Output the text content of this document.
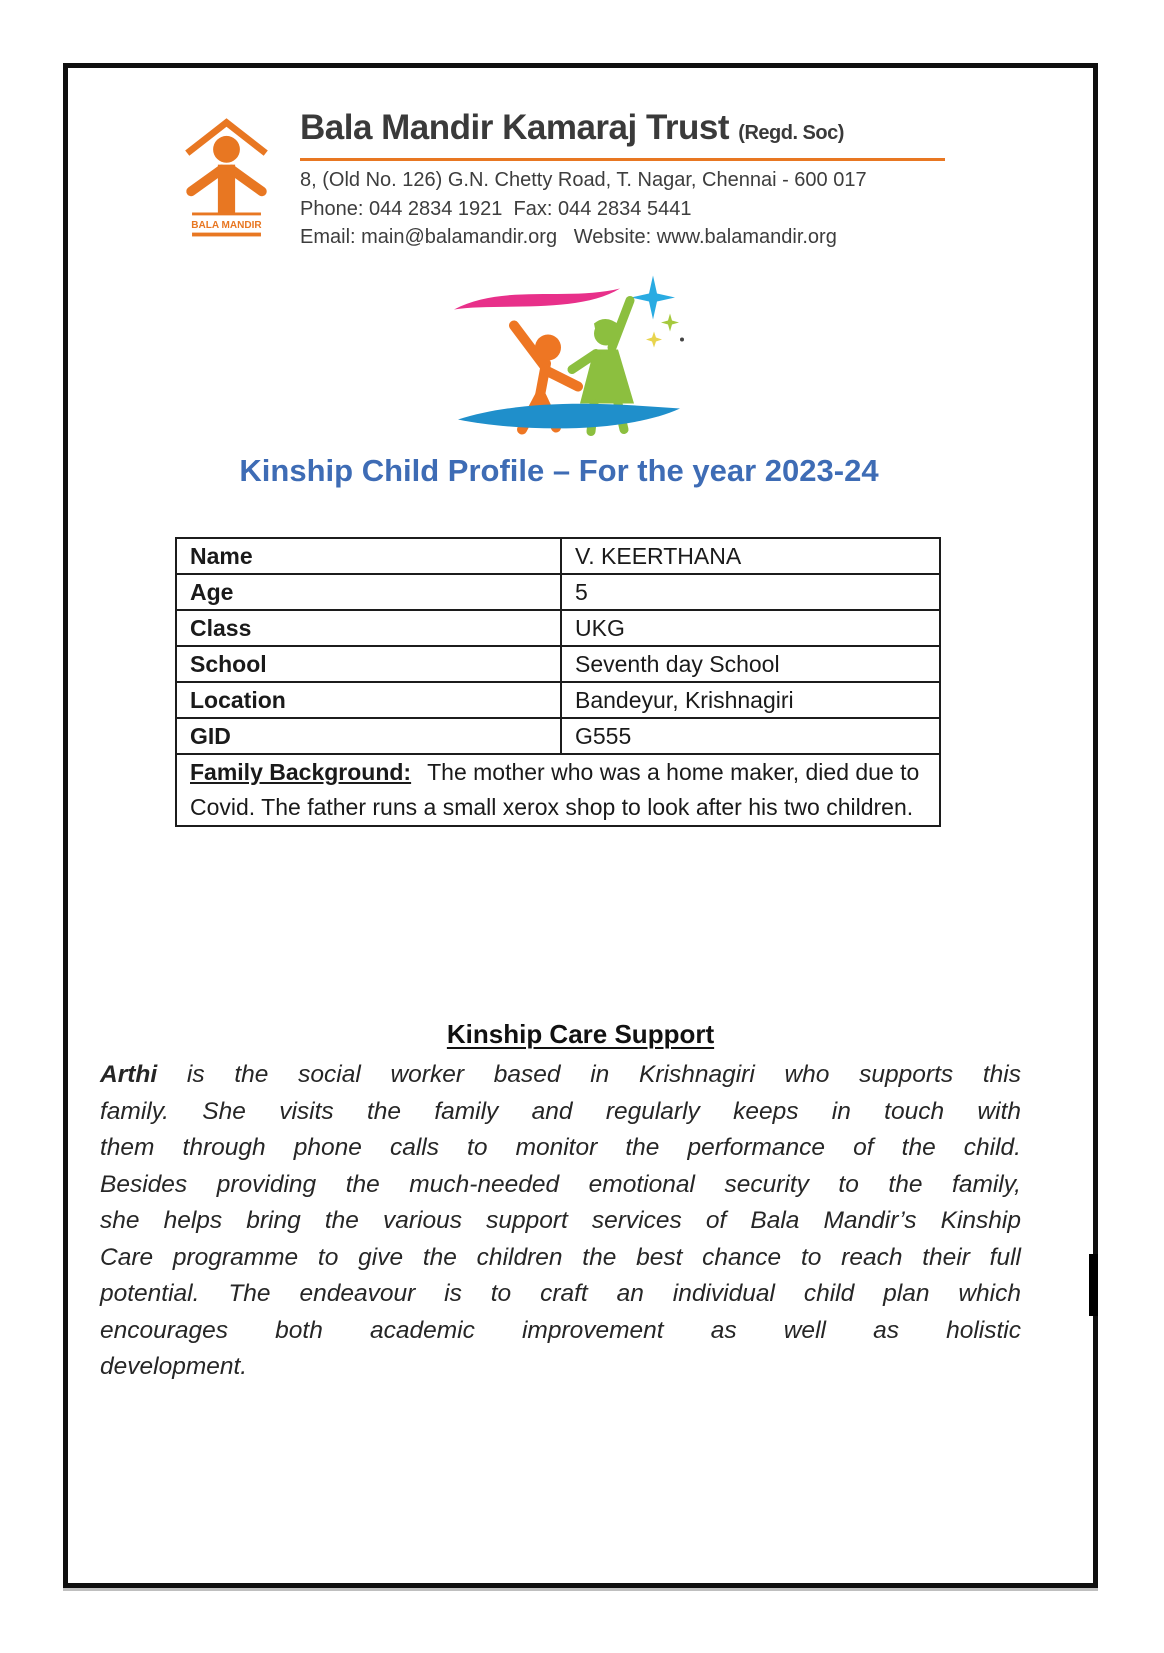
BALA MANDIR
Bala Mandir Kamaraj Trust (Regd. Soc)
8, (Old No. 126) G.N. Chetty Road, T. Nagar, Chennai - 600 017
Phone: 044 2834 1921  Fax: 044 2834 5441
Email: main@balamandir.org   Website: www.balamandir.org
Kinship Child Profile – For the year 2023-24
Name	V. KEERTHANA
Age	5
Class	UKG
School	Seventh day School
Location	Bandeyur, Krishnagiri
GID	G555
Family Background: The mother who was a home maker, died due to Covid. The father runs a small xerox shop to look after his two children.	
Kinship Care Support
Arthi is the social worker based in Krishnagiri who supports this
family. She visits the family and regularly keeps in touch with
them through phone calls to monitor the performance of the child.
Besides providing the much-needed emotional security to the family,
she helps bring the various support services of Bala Mandir’s Kinship
Care programme to give the children the best chance to reach their full
potential. The endeavour is to craft an individual child plan which
encourages both academic improvement as well as holistic
development.
